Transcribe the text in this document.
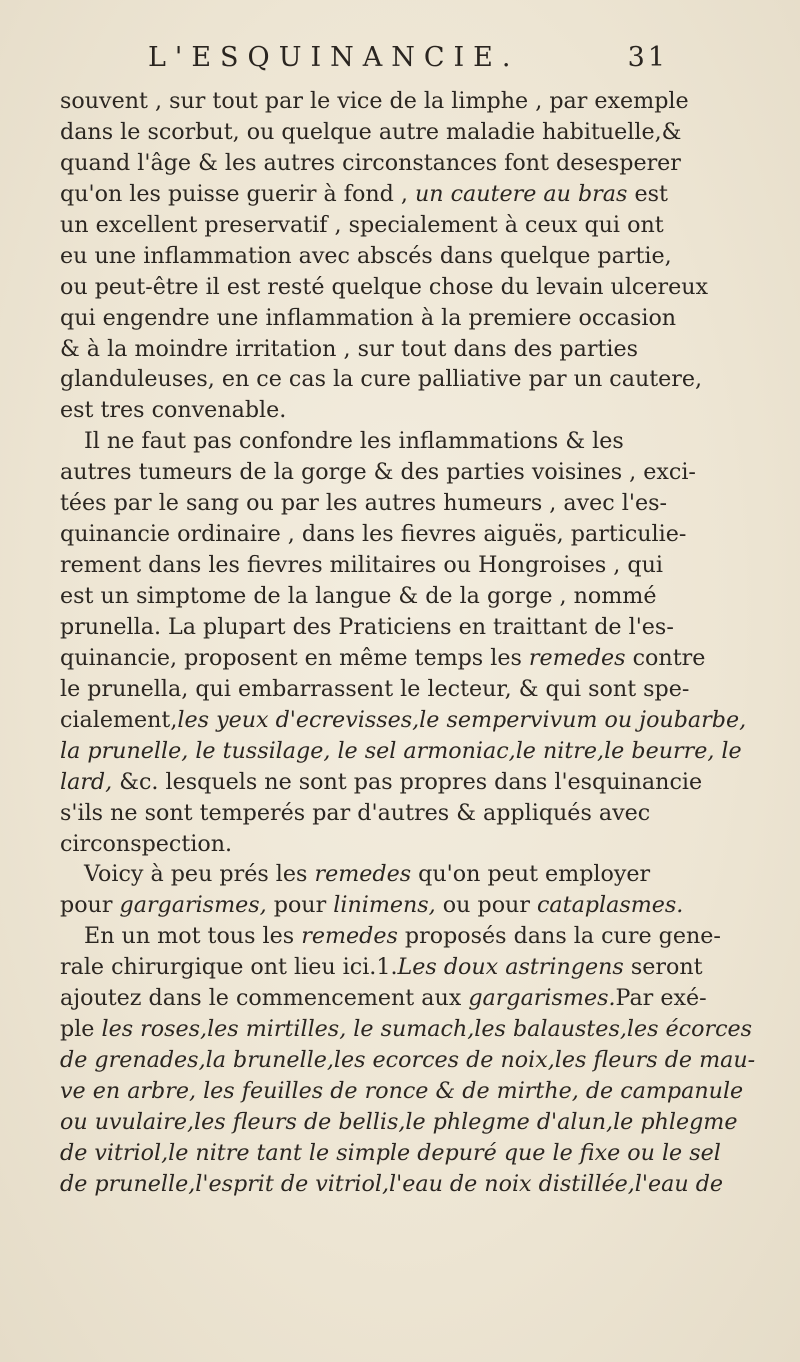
L'ESQUINANCIE.	31
souvent , sur tout par le vice de la limphe , par exemple
dans le scorbut, ou quelque autre maladie habituelle,&
quand l'âge & les autres circonstances font desesperer
qu'on les puisse guerir à fond , un cautere au bras est
un excellent preservatif , specialement à ceux qui ont
eu une inflammation avec abscés dans quelque partie,
ou peut-être il est resté quelque chose du levain ulcereux
qui engendre une inflammation à la premiere occasion
& à la moindre irritation , sur tout dans des parties
glanduleuses, en ce cas la cure palliative par un cautere,
est tres convenable.
Il ne faut pas confondre les inflammations & les
autres tumeurs de la gorge & des parties voisines , exci-
tées par le sang ou par les autres humeurs , avec l'es-
quinancie ordinaire , dans les fievres aiguës, particulie-
rement dans les fievres militaires ou Hongroises , qui
est un simptome de la langue & de la gorge , nommé
prunella. La plupart des Praticiens en traittant de l'es-
quinancie, proposent en même temps les remedes contre
le prunella, qui embarrassent le lecteur, & qui sont spe-
cialement,les yeux d'ecrevisses,le sempervivum ou joubarbe,
la prunelle, le tussilage, le sel armoniac,le nitre,le beurre, le
lard, &c. lesquels ne sont pas propres dans l'esquinancie
s'ils ne sont temperés par d'autres & appliqués avec
circonspection.
Voicy à peu prés les remedes qu'on peut employer
pour gargarismes, pour linimens, ou pour cataplasmes.
En un mot tous les remedes proposés dans la cure gene-
rale chirurgique ont lieu ici.1.Les doux astringens seront
ajoutez dans le commencement aux gargarismes.Par exé-
ple les roses,les mirtilles, le sumach,les balaustes,les écorces
de grenades,la brunelle,les ecorces de noix,les fleurs de mau-
ve en arbre, les feuilles de ronce & de mirthe, de campanule
ou uvulaire,les fleurs de bellis,le phlegme d'alun,le phlegme
de vitriol,le nitre tant le simple depuré que le fixe ou le sel
de prunelle,l'esprit de vitriol,l'eau de noix distillée,l'eau de
